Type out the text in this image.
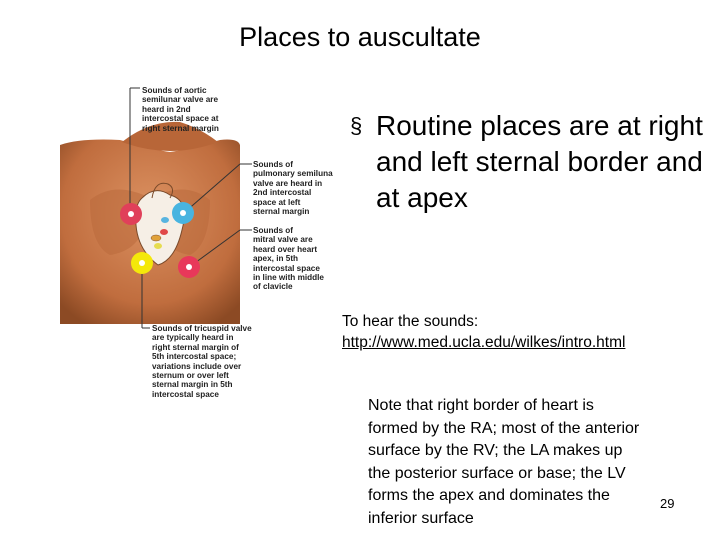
Places to auscultate

Sounds of aortic
semilunar valve are
heard in 2nd
intercostal space at
right sternal margin

Sounds of
pulmonary semiluna
valve are heard in
2nd intercostal
space at left
sternal margin

Sounds of
mitral valve are
heard over heart
apex, in 5th
intercostal space
in line with middle
of clavicle

Sounds of tricuspid valve
are typically heard in
right sternal margin of
5th intercostal space;
variations include over
sternum or over left
sternal margin in 5th
intercostal space

§ Routine places are at right and left sternal border and at apex
To hear the sounds:
http://www.med.ucla.edu/wilkes/intro.html
Note that right border of heart is formed by the RA; most of the anterior surface by the RV; the LA makes up the posterior surface or base; the LV forms the apex and dominates the inferior surface
29
